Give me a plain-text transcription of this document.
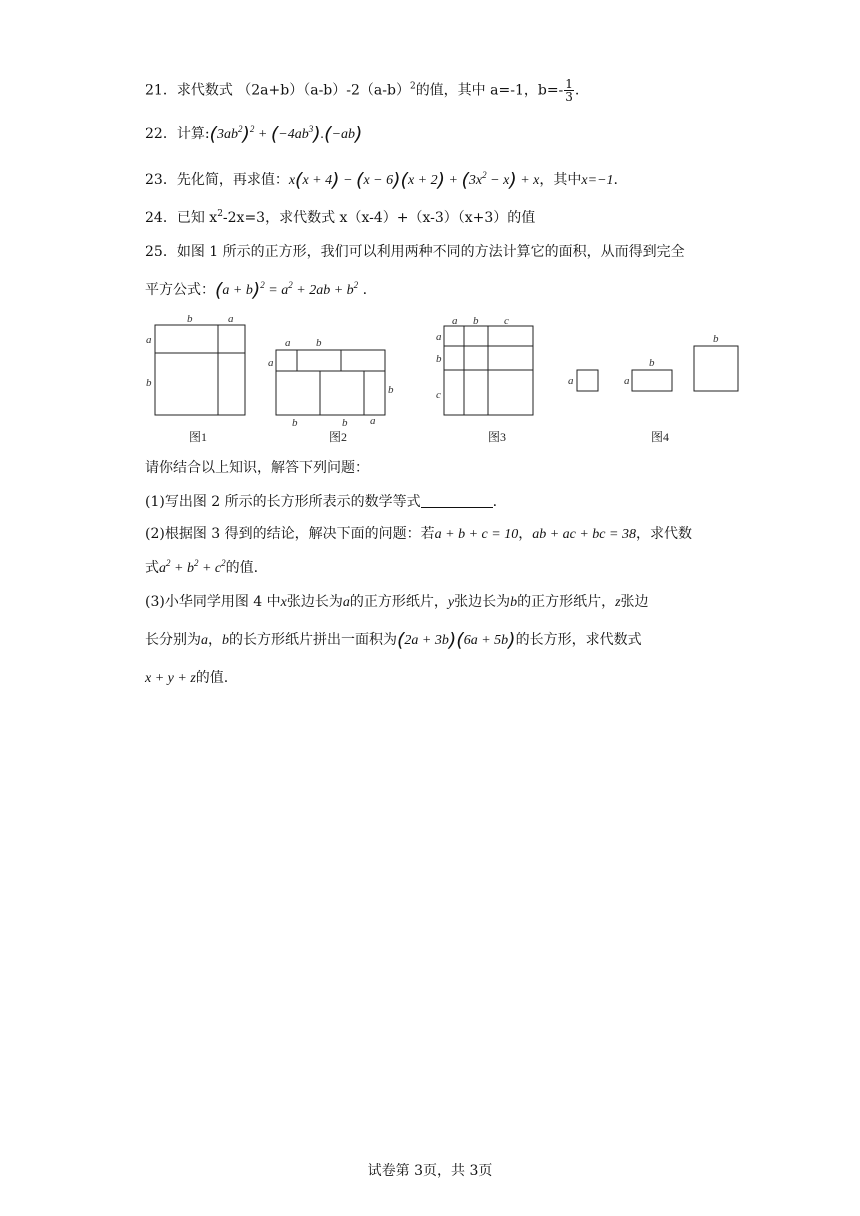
21．求代数式 $(2a+b)(a-b)-2(a-b)^2$的值，其中 a=-1，$b=- \frac{1}{3}$ .
22．计算$:(3ab^2)^2 + (-4ab^3).(-ab)$
23．先化简，再求值：$x(x + 4) - (x - 6)(x + 2) + (3x^2 - x) + x$，其中x=−1.
24．已知 $x^2-2x=3$，求代数式 x（x-4）+（x-3）（x+3）的值
25．如图 1 所示的正方形，我们可以利用两种不同的方法计算它的面积，从而得到完全
平方公式：$(a + b)^2 = a^2 + 2ab + b^2$ .
b	a
a
b
a b
a
b
b	b a
a b c
a
b
c
a
b
a
b
图1	图2	图3	图4
请你结合以上知识，解答下列问题：
(1)写出图 2 所示的长方形所表示的数学等式	.
(2)根据图 3 得到的结论，解决下面的问题：若a + b + c = 10，ab + ac + bc = 38，求代数
式$a^2 + b^2 + c^2$的值.
(3)小华同学用图 4 中x张边长为a的正方形纸片，y张边长为b的正方形纸片，z张边
长分别为a，b的长方形纸片拼出一面积为(2a + 3b)(6a + 5b)的长方形，求代数式
x + y + z的值.
试卷第 3页，共 3页
